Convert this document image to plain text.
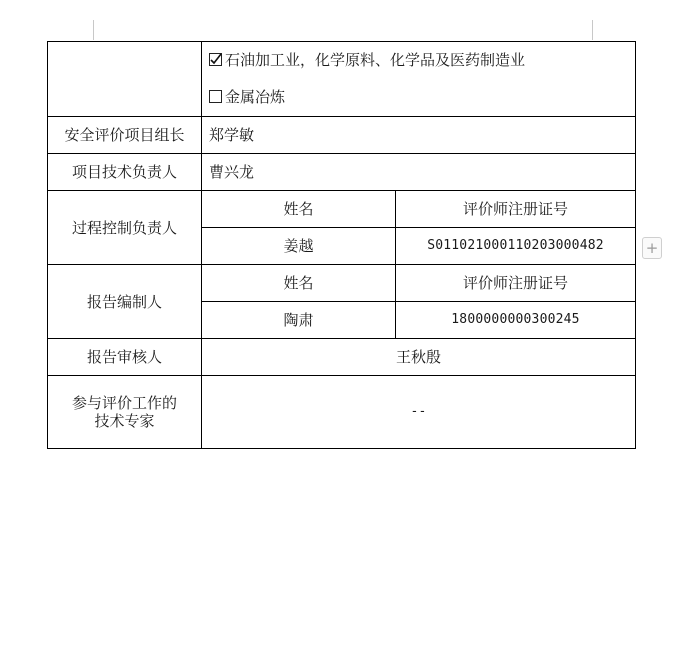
石油加工业，化学原料、化学品及医药制造业
金属冶炼	

安全评价项目组长	郑学敏	
项目技术负责人	曹兴龙	
过程控制负责人	姓名	评价师注册证号
	姜越	S011021000110203000482
报告编制人	姓名	评价师注册证号
	陶肃	1800000000300245
报告审核人	王秋殷	

参与评价工作的
技术专家	--	
+
